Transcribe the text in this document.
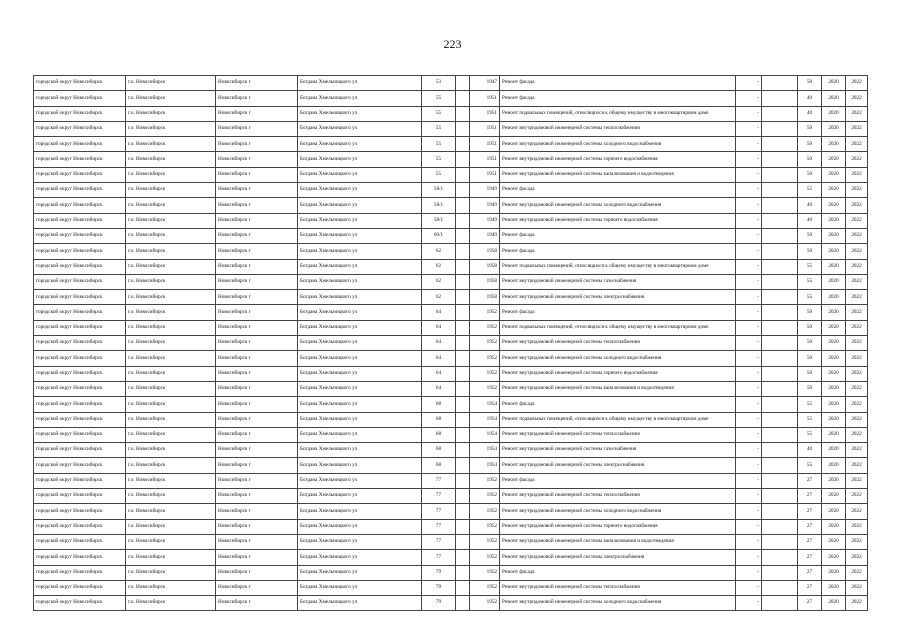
223
городской округ Новосибирск	г.о. Новосибирск	Новосибирск г	Богдана Хмельницкого ул	53		1947	Ремонт фасада	-		50	2020	2022
городской округ Новосибирск	г.о. Новосибирск	Новосибирск г	Богдана Хмельницкого ул	55		1951	Ремонт фасада	-		40	2020	2022
городской округ Новосибирск	г.о. Новосибирск	Новосибирск г	Богдана Хмельницкого ул	55		1951	Ремонт подвальных помещений, относящихся к общему имуществу в многоквартирном доме	-		40	2020	2022
городской округ Новосибирск	г.о. Новосибирск	Новосибирск г	Богдана Хмельницкого ул	55		1951	Ремонт внутридомовой инженерной системы теплоснабжения	-		50	2020	2022
городской округ Новосибирск	г.о. Новосибирск	Новосибирск г	Богдана Хмельницкого ул	55		1951	Ремонт внутридомовой инженерной системы холодного водоснабжения	-		50	2020	2022
городской округ Новосибирск	г.о. Новосибирск	Новосибирск г	Богдана Хмельницкого ул	55		1951	Ремонт внутридомовой инженерной системы горячего водоснабжения	-		50	2020	2022
городской округ Новосибирск	г.о. Новосибирск	Новосибирск г	Богдана Хмельницкого ул	55		1951	Ремонт внутридомовой инженерной системы канализования и водоотведения	-		50	2020	2022
городской округ Новосибирск	г.о. Новосибирск	Новосибирск г	Богдана Хмельницкого ул	58/1		1949	Ремонт фасада	-		55	2020	2022
городской округ Новосибирск	г.о. Новосибирск	Новосибирск г	Богдана Хмельницкого ул	58/1		1949	Ремонт внутридомовой инженерной системы холодного водоснабжения	-		40	2020	2022
городской округ Новосибирск	г.о. Новосибирск	Новосибирск г	Богдана Хмельницкого ул	58/1		1949	Ремонт внутридомовой инженерной системы горячего водоснабжения	-		40	2020	2022
городской округ Новосибирск	г.о. Новосибирск	Новосибирск г	Богдана Хмельницкого ул	60/1		1949	Ремонт фасада	-		50	2020	2022
городской округ Новосибирск	г.о. Новосибирск	Новосибирск г	Богдана Хмельницкого ул	62		1958	Ремонт фасада	-		50	2020	2022
городской округ Новосибирск	г.о. Новосибирск	Новосибирск г	Богдана Хмельницкого ул	62		1958	Ремонт подвальных помещений, относящихся к общему имуществу в многоквартирном доме	-		55	2020	2022
городской округ Новосибирск	г.о. Новосибирск	Новосибирск г	Богдана Хмельницкого ул	62		1958	Ремонт внутридомовой инженерной системы газоснабжения	-		55	2020	2022
городской округ Новосибирск	г.о. Новосибирск	Новосибирск г	Богдана Хмельницкого ул	62		1958	Ремонт внутридомовой инженерной системы электроснабжения	-		55	2020	2022
городской округ Новосибирск	г.о. Новосибирск	Новосибирск г	Богдана Хмельницкого ул	64		1952	Ремонт фасада	-		50	2020	2022
городской округ Новосибирск	г.о. Новосибирск	Новосибирск г	Богдана Хмельницкого ул	64		1952	Ремонт подвальных помещений, относящихся к общему имуществу в многоквартирном доме	-		50	2020	2022
городской округ Новосибирск	г.о. Новосибирск	Новосибирск г	Богдана Хмельницкого ул	64		1952	Ремонт внутридомовой инженерной системы теплоснабжения	-		50	2020	2022
городской округ Новосибирск	г.о. Новосибирск	Новосибирск г	Богдана Хмельницкого ул	64		1952	Ремонт внутридомовой инженерной системы холодного водоснабжения	-		50	2020	2022
городской округ Новосибирск	г.о. Новосибирск	Новосибирск г	Богдана Хмельницкого ул	64		1952	Ремонт внутридомовой инженерной системы горячего водоснабжения	-		50	2020	2022
городской округ Новосибирск	г.о. Новосибирск	Новосибирск г	Богдана Хмельницкого ул	64		1952	Ремонт внутридомовой инженерной системы канализования и водоотведения	-		50	2020	2022
городской округ Новосибирск	г.о. Новосибирск	Новосибирск г	Богдана Хмельницкого ул	68		1954	Ремонт фасада	-		55	2020	2022
городской округ Новосибирск	г.о. Новосибирск	Новосибирск г	Богдана Хмельницкого ул	68		1954	Ремонт подвальных помещений, относящихся к общему имуществу в многоквартирном доме	-		55	2020	2022
городской округ Новосибирск	г.о. Новосибирск	Новосибирск г	Богдана Хмельницкого ул	68		1954	Ремонт внутридомовой инженерной системы теплоснабжения	-		55	2020	2022
городской округ Новосибирск	г.о. Новосибирск	Новосибирск г	Богдана Хмельницкого ул	68		1954	Ремонт внутридомовой инженерной системы газоснабжения	-		40	2020	2022
городской округ Новосибирск	г.о. Новосибирск	Новосибирск г	Богдана Хмельницкого ул	68		1954	Ремонт внутридомовой инженерной системы электроснабжения	-		55	2020	2022
городской округ Новосибирск	г.о. Новосибирск	Новосибирск г	Богдана Хмельницкого ул	77		1952	Ремонт фасада	-		27	2020	2022
городской округ Новосибирск	г.о. Новосибирск	Новосибирск г	Богдана Хмельницкого ул	77		1952	Ремонт внутридомовой инженерной системы теплоснабжения	-		27	2020	2022
городской округ Новосибирск	г.о. Новосибирск	Новосибирск г	Богдана Хмельницкого ул	77		1952	Ремонт внутридомовой инженерной системы холодного водоснабжения	-		27	2020	2022
городской округ Новосибирск	г.о. Новосибирск	Новосибирск г	Богдана Хмельницкого ул	77		1952	Ремонт внутридомовой инженерной системы горячего водоснабжения	-		27	2020	2022
городской округ Новосибирск	г.о. Новосибирск	Новосибирск г	Богдана Хмельницкого ул	77		1952	Ремонт внутридомовой инженерной системы канализования и водоотведения	-		27	2020	2022
городской округ Новосибирск	г.о. Новосибирск	Новосибирск г	Богдана Хмельницкого ул	77		1952	Ремонт внутридомовой инженерной системы электроснабжения	-		27	2020	2022
городской округ Новосибирск	г.о. Новосибирск	Новосибирск г	Богдана Хмельницкого ул	79		1952	Ремонт фасада	-		27	2020	2022
городской округ Новосибирск	г.о. Новосибирск	Новосибирск г	Богдана Хмельницкого ул	79		1952	Ремонт внутридомовой инженерной системы теплоснабжения	-		27	2020	2022
городской округ Новосибирск	г.о. Новосибирск	Новосибирск г	Богдана Хмельницкого ул	79		1952	Ремонт внутридомовой инженерной системы холодного водоснабжения	-		27	2020	2022
